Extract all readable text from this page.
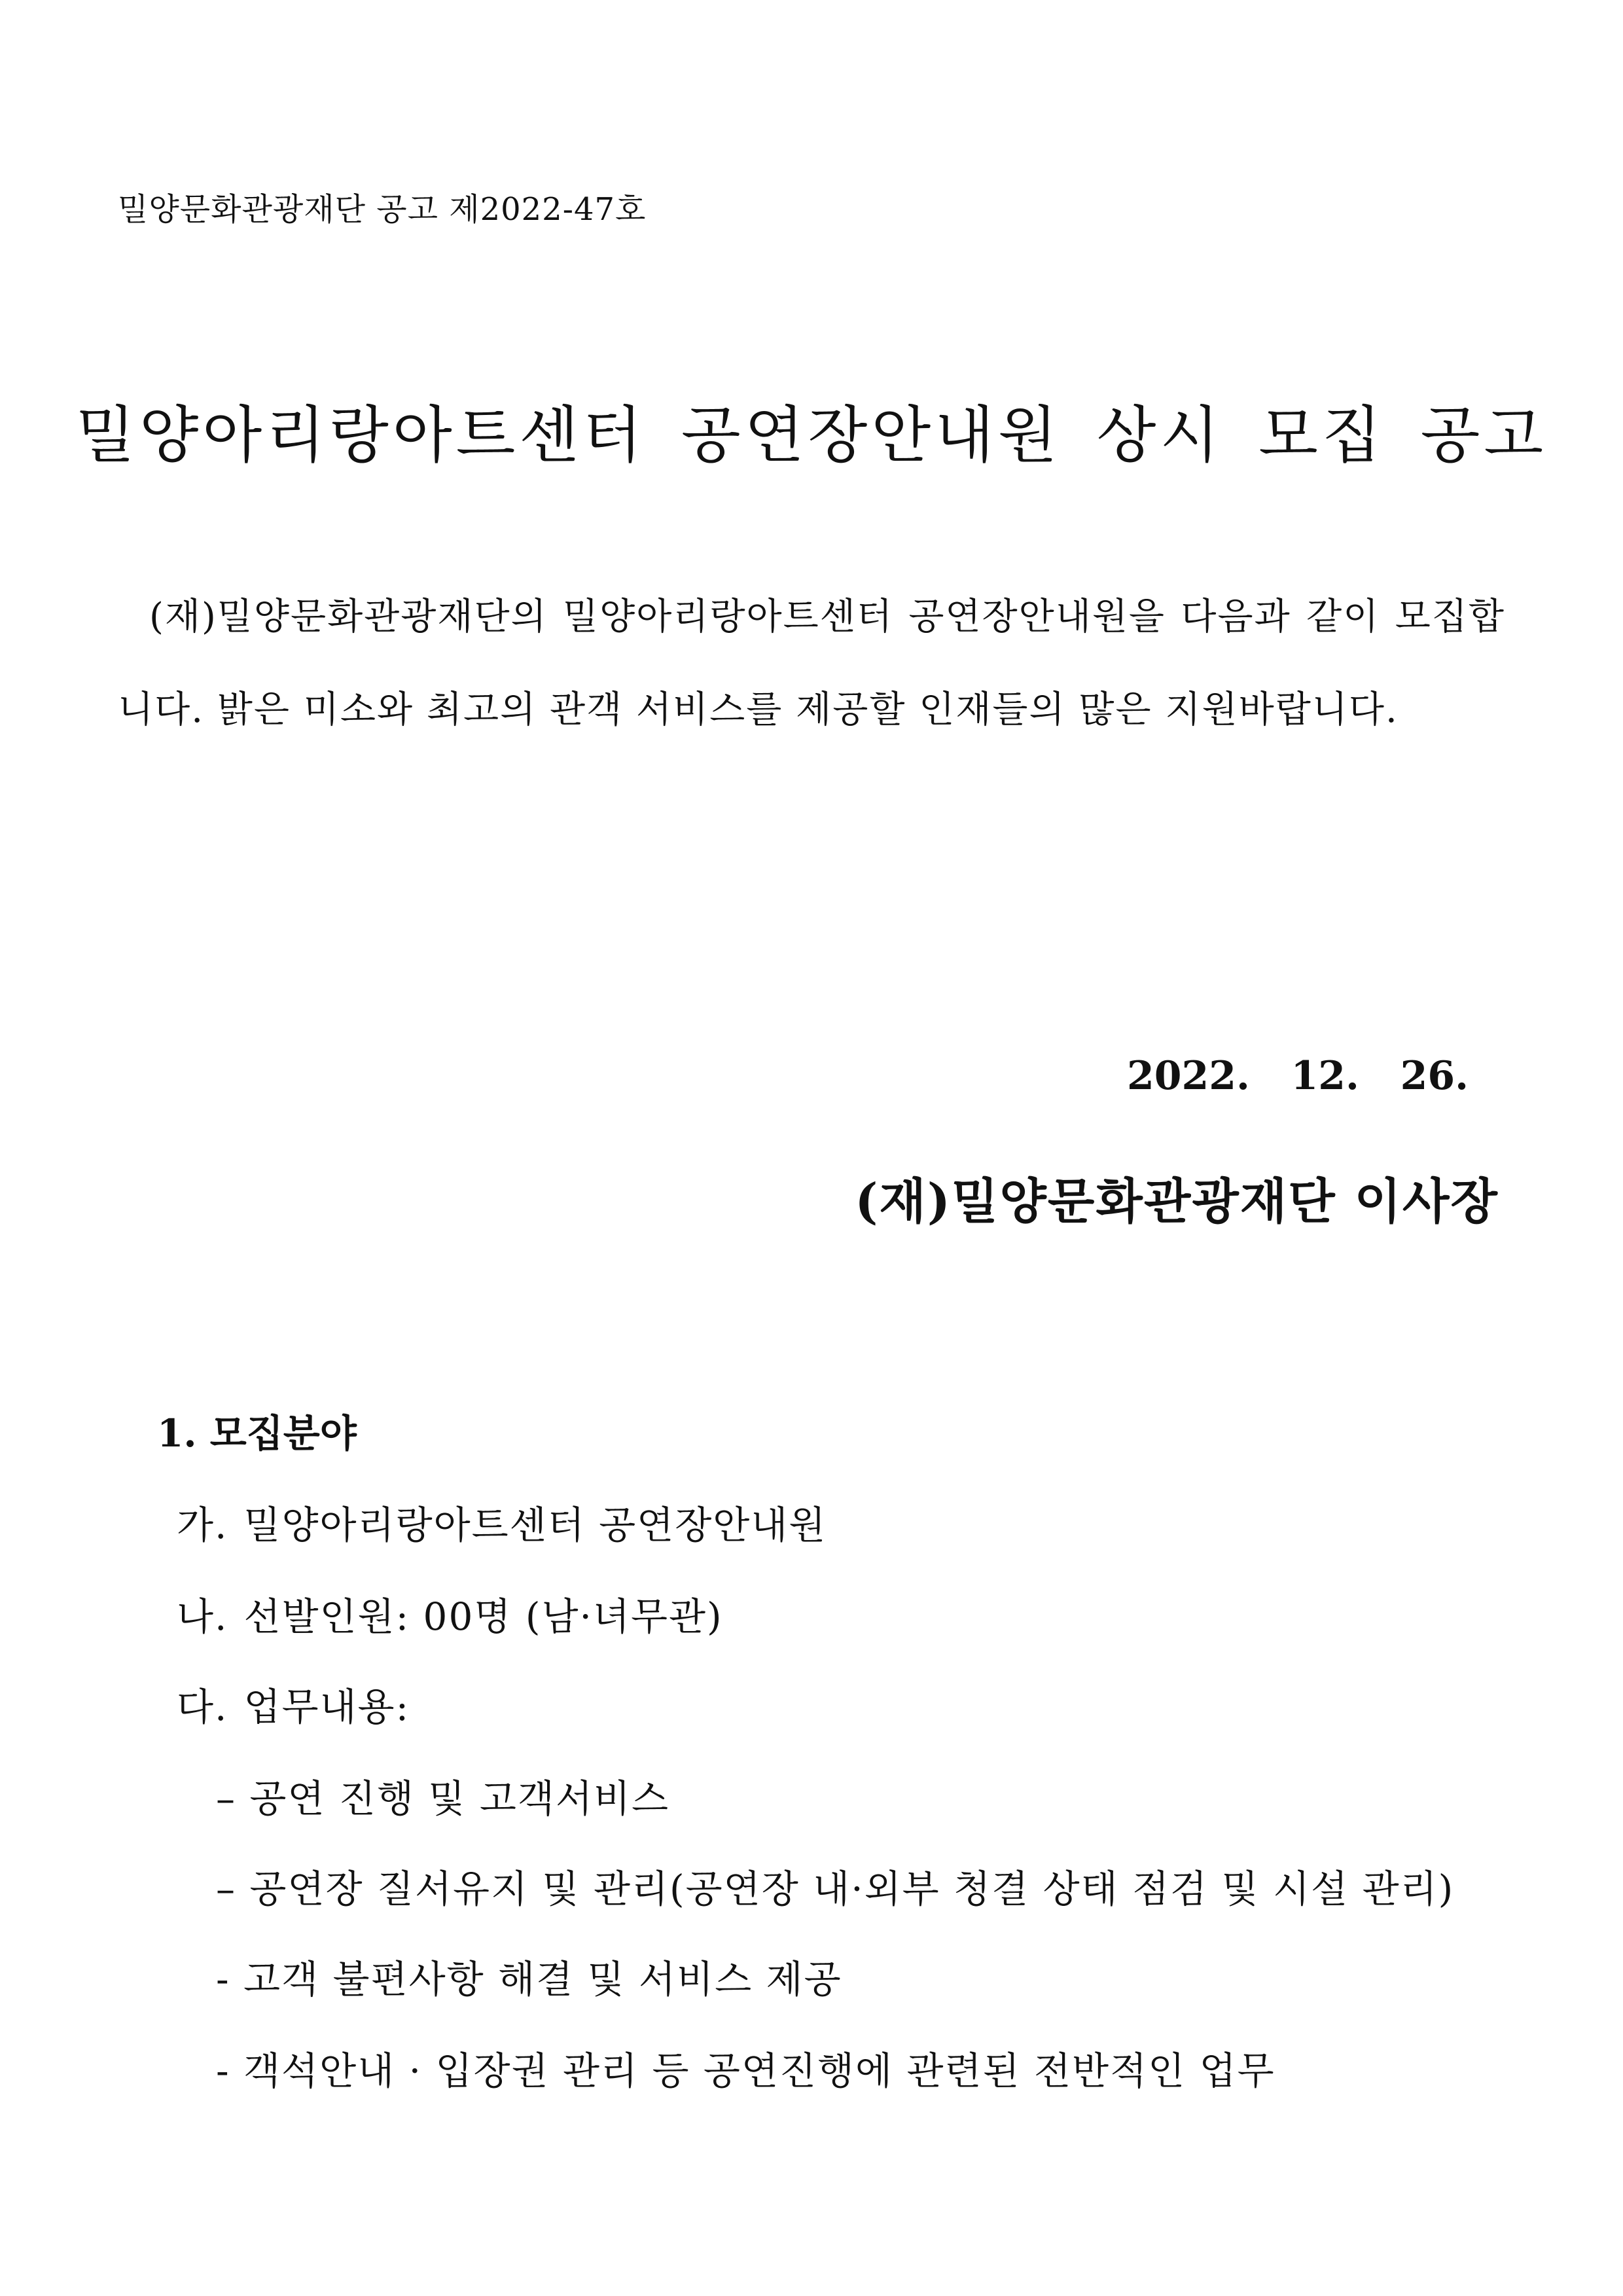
밀양문화관광재단 공고 제2022-47호
밀양아리랑아트센터 공연장안내원 상시 모집 공고
(재)밀양문화관광재단의 밀양아리랑아트센터 공연장안내원을 다음과 같이 모집합니다. 밝은 미소와 최고의 관객 서비스를 제공할 인재들의 많은 지원바랍니다.
2022.   12.   26.
(재)밀양문화관광재단 이사장
1. 모집분야
가. 밀양아리랑아트센터 공연장안내원
나. 선발인원: 00명 (남·녀무관)
다. 업무내용:
– 공연 진행 및 고객서비스
– 공연장 질서유지 및 관리(공연장 내·외부 청결 상태 점검 및 시설 관리)
- 고객 불편사항 해결 및 서비스 제공
- 객석안내 · 입장권 관리 등 공연진행에 관련된 전반적인 업무
